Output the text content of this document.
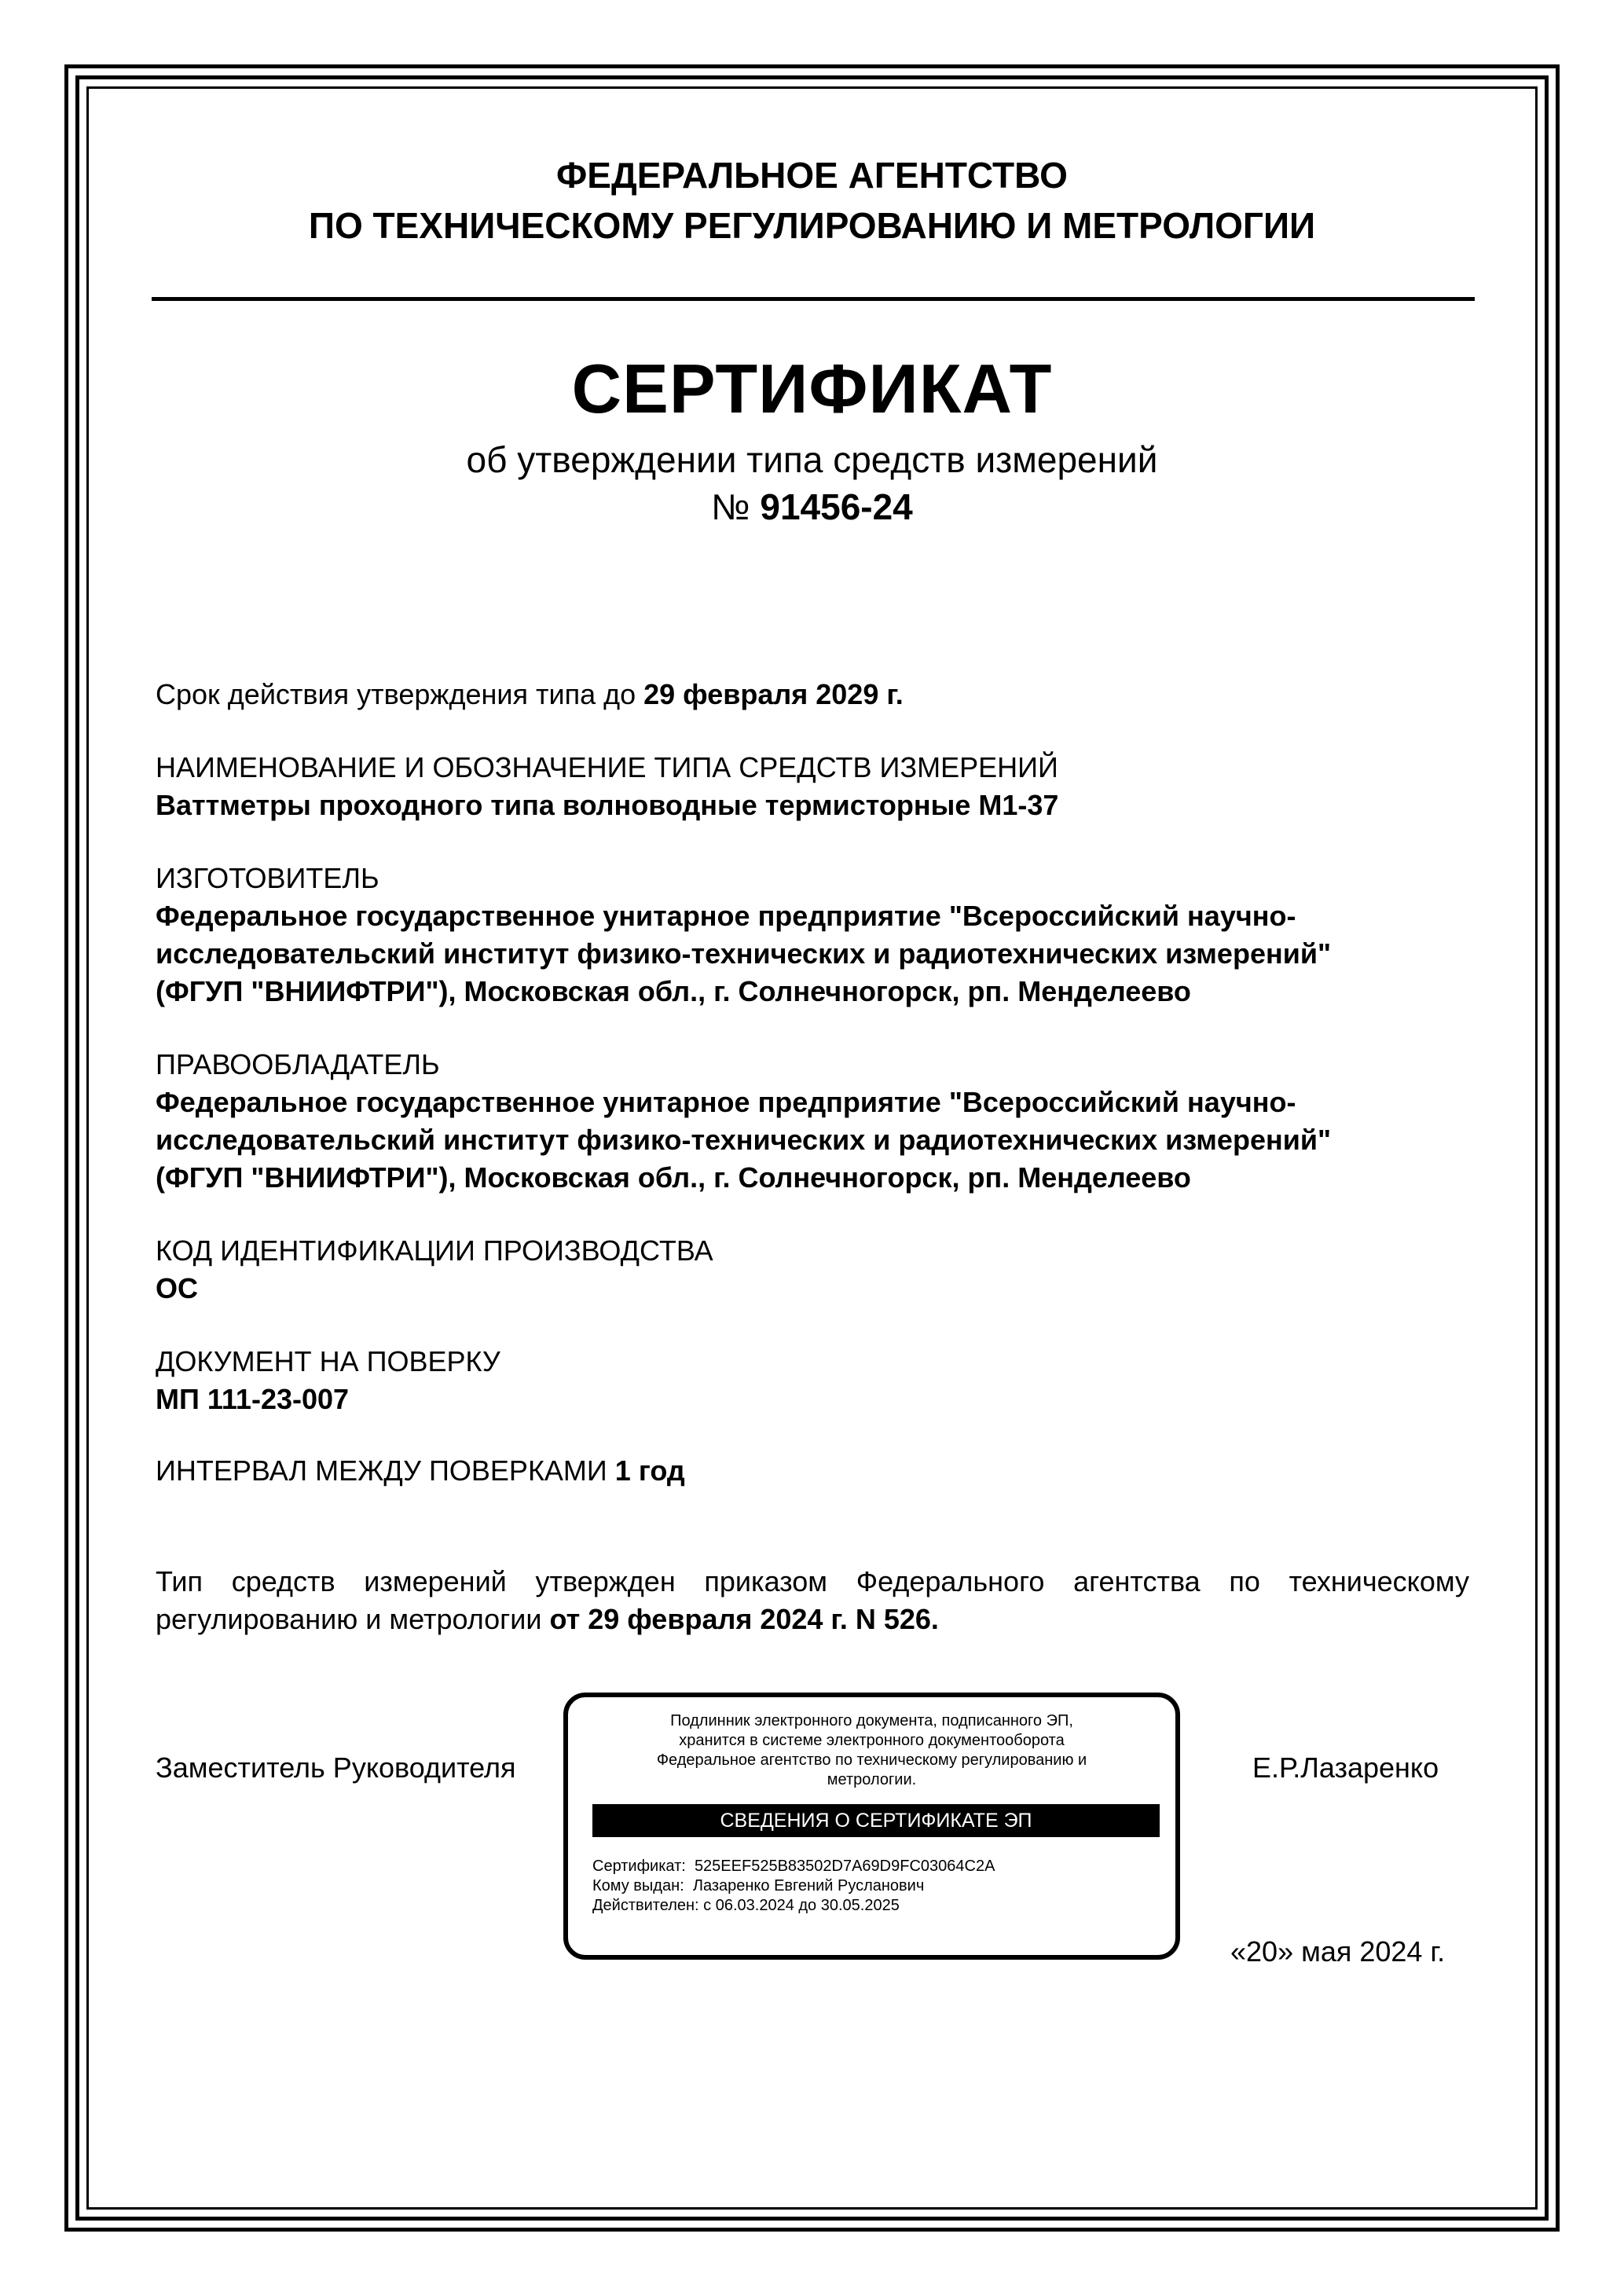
ФЕДЕРАЛЬНОЕ АГЕНТСТВО
ПО ТЕХНИЧЕСКОМУ РЕГУЛИРОВАНИЮ И МЕТРОЛОГИИ
СЕРТИФИКАТ
об утверждении типа средств измерений
№ 91456-24
Срок действия утверждения типа до 29 февраля 2029 г.
НАИМЕНОВАНИЕ И ОБОЗНАЧЕНИЕ ТИПА СРЕДСТВ ИЗМЕРЕНИЙ
Ваттметры проходного типа волноводные термисторные М1-37
ИЗГОТОВИТЕЛЬ
Федеральное государственное унитарное предприятие "Всероссийский научно-
исследовательский институт физико-технических и радиотехнических измерений"
(ФГУП "ВНИИФТРИ"), Московская обл., г. Солнечногорск, рп. Менделеево
ПРАВООБЛАДАТЕЛЬ
Федеральное государственное унитарное предприятие "Всероссийский научно-
исследовательский институт физико-технических и радиотехнических измерений"
(ФГУП "ВНИИФТРИ"), Московская обл., г. Солнечногорск, рп. Менделеево
КОД ИДЕНТИФИКАЦИИ ПРОИЗВОДСТВА
ОС
ДОКУМЕНТ НА ПОВЕРКУ
МП 111-23-007
ИНТЕРВАЛ МЕЖДУ ПОВЕРКАМИ 1 год
Тип средств измерений утвержден приказом Федерального агентства по техническому
регулированию и метрологии от 29 февраля 2024 г. N 526.
Заместитель Руководителя	Е.Р.Лазаренко
«20» мая 2024 г.
Подлинник электронного документа, подписанного ЭП,
хранится в системе электронного документооборота
Федеральное агентство по техническому регулированию и
метрологии.
СВЕДЕНИЯ О СЕРТИФИКАТЕ ЭП
Сертификат: 525EEF525B83502D7A69D9FC03064C2A
Кому выдан: Лазаренко Евгений Русланович
Действителен: с 06.03.2024 до 30.05.2025
